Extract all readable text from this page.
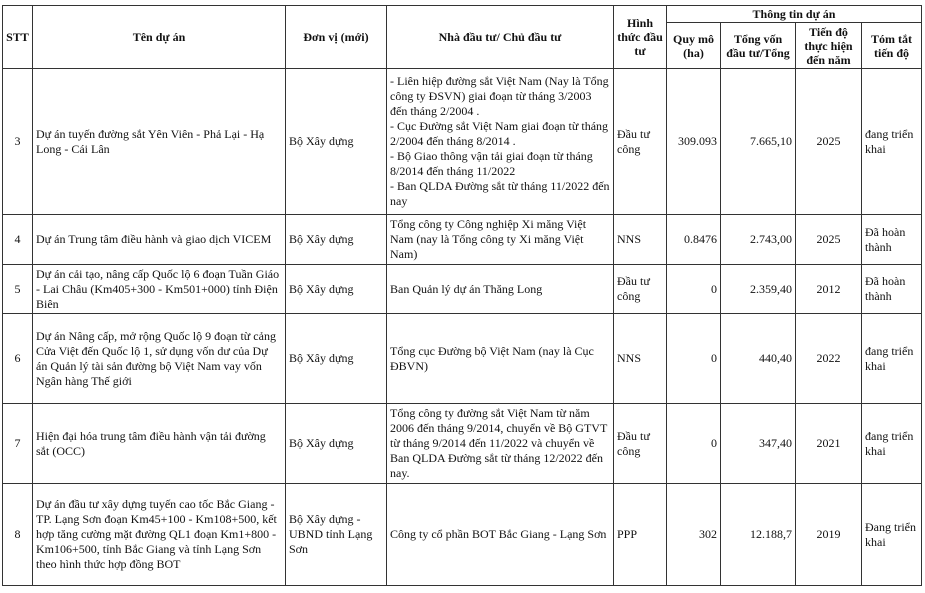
STT	Tên dự án	Đơn vị (mới)	Nhà đầu tư/ Chủ đầu tư	Hình thức đầu tư	Thông tin dự án			
					Quy mô (ha)	Tổng vốn đầu tư/Tổng	Tiến độ thực hiện đến năm	Tóm tắt tiến độ
3	Dự án tuyến đường sắt Yên Viên - Phả Lại - Hạ Long - Cái Lân	Bộ Xây dựng	- Liên hiệp đường sắt Việt Nam (Nay là Tổng công ty ĐSVN) giai đoạn từ tháng 3/2003 đến tháng 2/2004 .
- Cục Đường sắt Việt Nam giai đoạn từ tháng 2/2004 đến tháng 8/2014 .
- Bộ Giao thông vận tải giai đoạn từ tháng 8/2014 đến tháng 11/2022
- Ban QLDA Đường sắt từ tháng 11/2022 đến nay	Đầu tư công	309.093	7.665,10	2025	đang triển khai
4	Dự án Trung tâm điều hành và giao dịch VICEM	Bộ Xây dựng	Tổng công ty Công nghiệp Xi măng Việt Nam (nay là Tổng công ty Xi măng Việt Nam)	NNS	0.8476	2.743,00	2025	Đã hoàn thành
5	Dự án cải tạo, nâng cấp Quốc lộ 6 đoạn Tuần Giáo - Lai Châu (Km405+300 - Km501+000) tỉnh Điện Biên	Bộ Xây dựng	Ban Quản lý dự án Thăng Long	Đầu tư công	0	2.359,40	2012	Đã hoàn thành
6	Dự án Nâng cấp, mở rộng Quốc lộ 9 đoạn từ cảng Cửa Việt đến Quốc lộ 1, sử dụng vốn dư của Dự án Quản lý tài sản đường bộ Việt Nam vay vốn Ngân hàng Thế giới	Bộ Xây dựng	Tổng cục Đường bộ Việt Nam (nay là Cục ĐBVN)	NNS	0	440,40	2022	đang triển khai
7	Hiện đại hóa trung tâm điều hành vận tải đường sắt (OCC)	Bộ Xây dựng	Tổng công ty đường sắt Việt Nam từ năm 2006 đến tháng 9/2014, chuyển về Bộ GTVT từ tháng 9/2014 đến 11/2022 và chuyển về Ban QLDA Đường sắt từ tháng 12/2022 đến nay.	Đầu tư công	0	347,40	2021	đang triển khai
8	Dự án đầu tư xây dựng tuyến cao tốc Bắc Giang - TP. Lạng Sơn đoạn Km45+100 - Km108+500, kết hợp tăng cường mặt đường QL1 đoạn Km1+800 - Km106+500, tỉnh Bắc Giang và tỉnh Lạng Sơn theo hình thức hợp đồng BOT	Bộ Xây dựng - UBND tỉnh Lạng Sơn	Công ty cổ phần BOT Bắc Giang - Lạng Sơn	PPP	302	12.188,7	2019	Đang triển khai
